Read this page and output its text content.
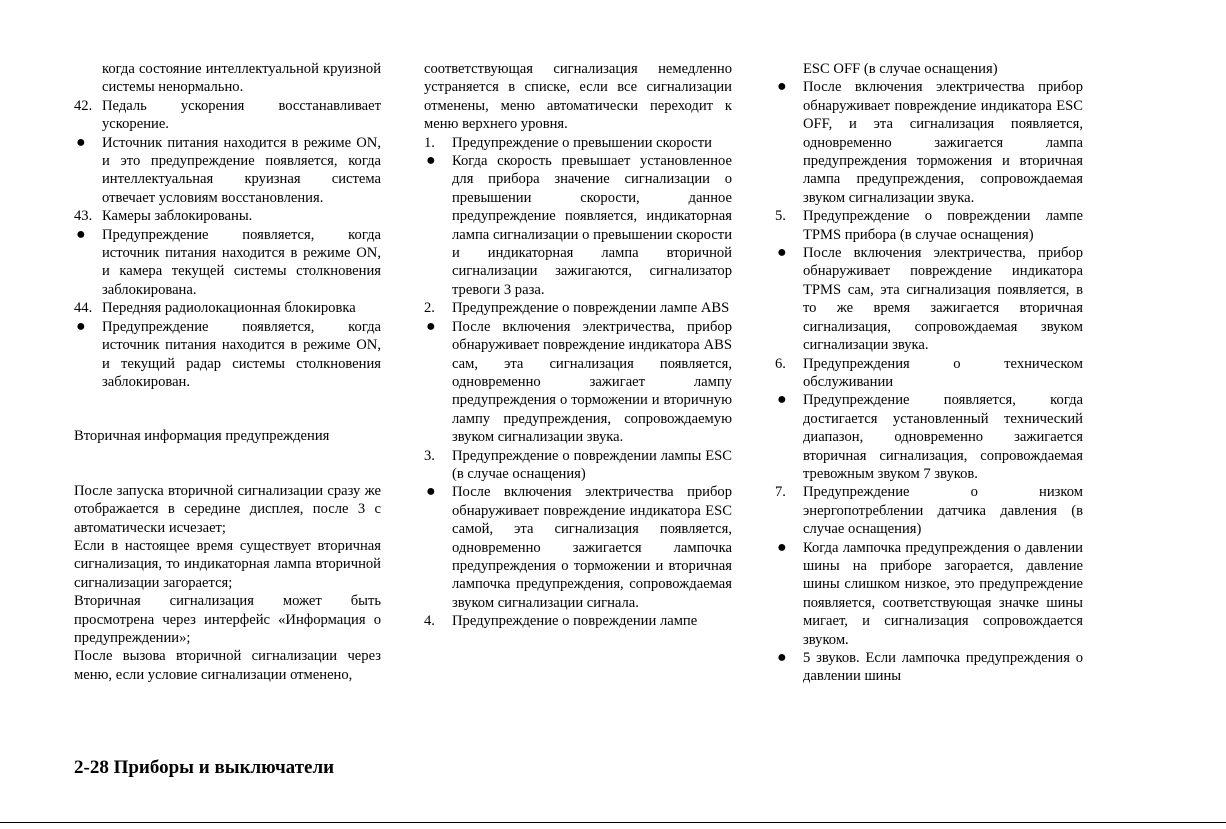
когда состояние интеллектуальной круизной системы ненормально.
42. Педаль ускорения восстанавливает ускорение.
●	Источник питания находится в режиме ON, и это предупреждение появляется, когда интеллектуальная круизная система отвечает условиям восстановления.
43. Камеры заблокированы.
●	Предупреждение появляется, когда источник питания находится в режиме ON, и камера текущей системы столкновения заблокирована.
44. Передняя радиолокационная блокировка
●	Предупреждение появляется, когда источник питания находится в режиме ON, и текущий радар системы столкновения заблокирован.
Вторичная информация предупреждения
После запуска вторичной сигнализации сразу же отображается в середине дисплея, после 3 с автоматически исчезает;
Если в настоящее время существует вторичная сигнализация, то индикаторная лампа вторичной сигнализации загорается;
Вторичная сигнализация может быть просмотрена через интерфейс «Информация о предупреждении»;
После вызова вторичной сигнализации через меню, если условие сигнализации отменено,
соответствующая сигнализация немедленно устраняется в списке, если все сигнализации отменены, меню автоматически переходит к меню верхнего уровня.
1.	Предупреждение о превышении скорости
●	Когда скорость превышает установленное для прибора значение сигнализации о превышении скорости, данное предупреждение появляется, индикаторная лампа сигнализации о превышении скорости и индикаторная лампа вторичной сигнализации зажигаются, сигнализатор тревоги 3 раза.
2.	Предупреждение о повреждении лампе ABS
●	После включения электричества, прибор обнаруживает повреждение индикатора ABS сам, эта сигнализация появляется, одновременно зажигает лампу предупреждения о торможении и вторичную лампу предупреждения, сопровождаемую звуком сигнализации звука.
3.	Предупреждение о повреждении лампы ESC (в случае оснащения)
●	После включения электричества прибор обнаруживает повреждение индикатора ESC самой, эта сигнализация появляется, одновременно зажигается лампочка предупреждения о торможении и вторичная лампочка предупреждения, сопровождаемая звуком сигнализации сигнала.
4.	Предупреждение о повреждении лампе
ESC OFF (в случае оснащения)
●	После включения электричества прибор обнаруживает повреждение индикатора ESC OFF, и эта сигнализация появляется, одновременно зажигается лампа предупреждения торможения и вторичная лампа предупреждения, сопровождаемая звуком сигнализации звука.
5.	Предупреждение о повреждении лампе TPMS прибора (в случае оснащения)
●	После включения электричества, прибор обнаруживает повреждение индикатора TPMS сам, эта сигнализация появляется, в то же время зажигается вторичная сигнализация, сопровождаемая звуком сигнализации звука.
6.	Предупреждения о техническом обслуживании
●	Предупреждение появляется, когда достигается установленный технический диапазон, одновременно зажигается вторичная сигнализация, сопровождаемая тревожным звуком 7 звуков.
7.	Предупреждение о низком энергопотреблении датчика давления (в случае оснащения)
●	Когда лампочка предупреждения о давлении шины на приборе загорается, давление шины слишком низкое, это предупреждение появляется, соответствующая значке шины мигает, и сигнализация сопровождается звуком.
●	5 звуков. Если лампочка предупреждения о давлении шины
2-28 Приборы и выключатели
